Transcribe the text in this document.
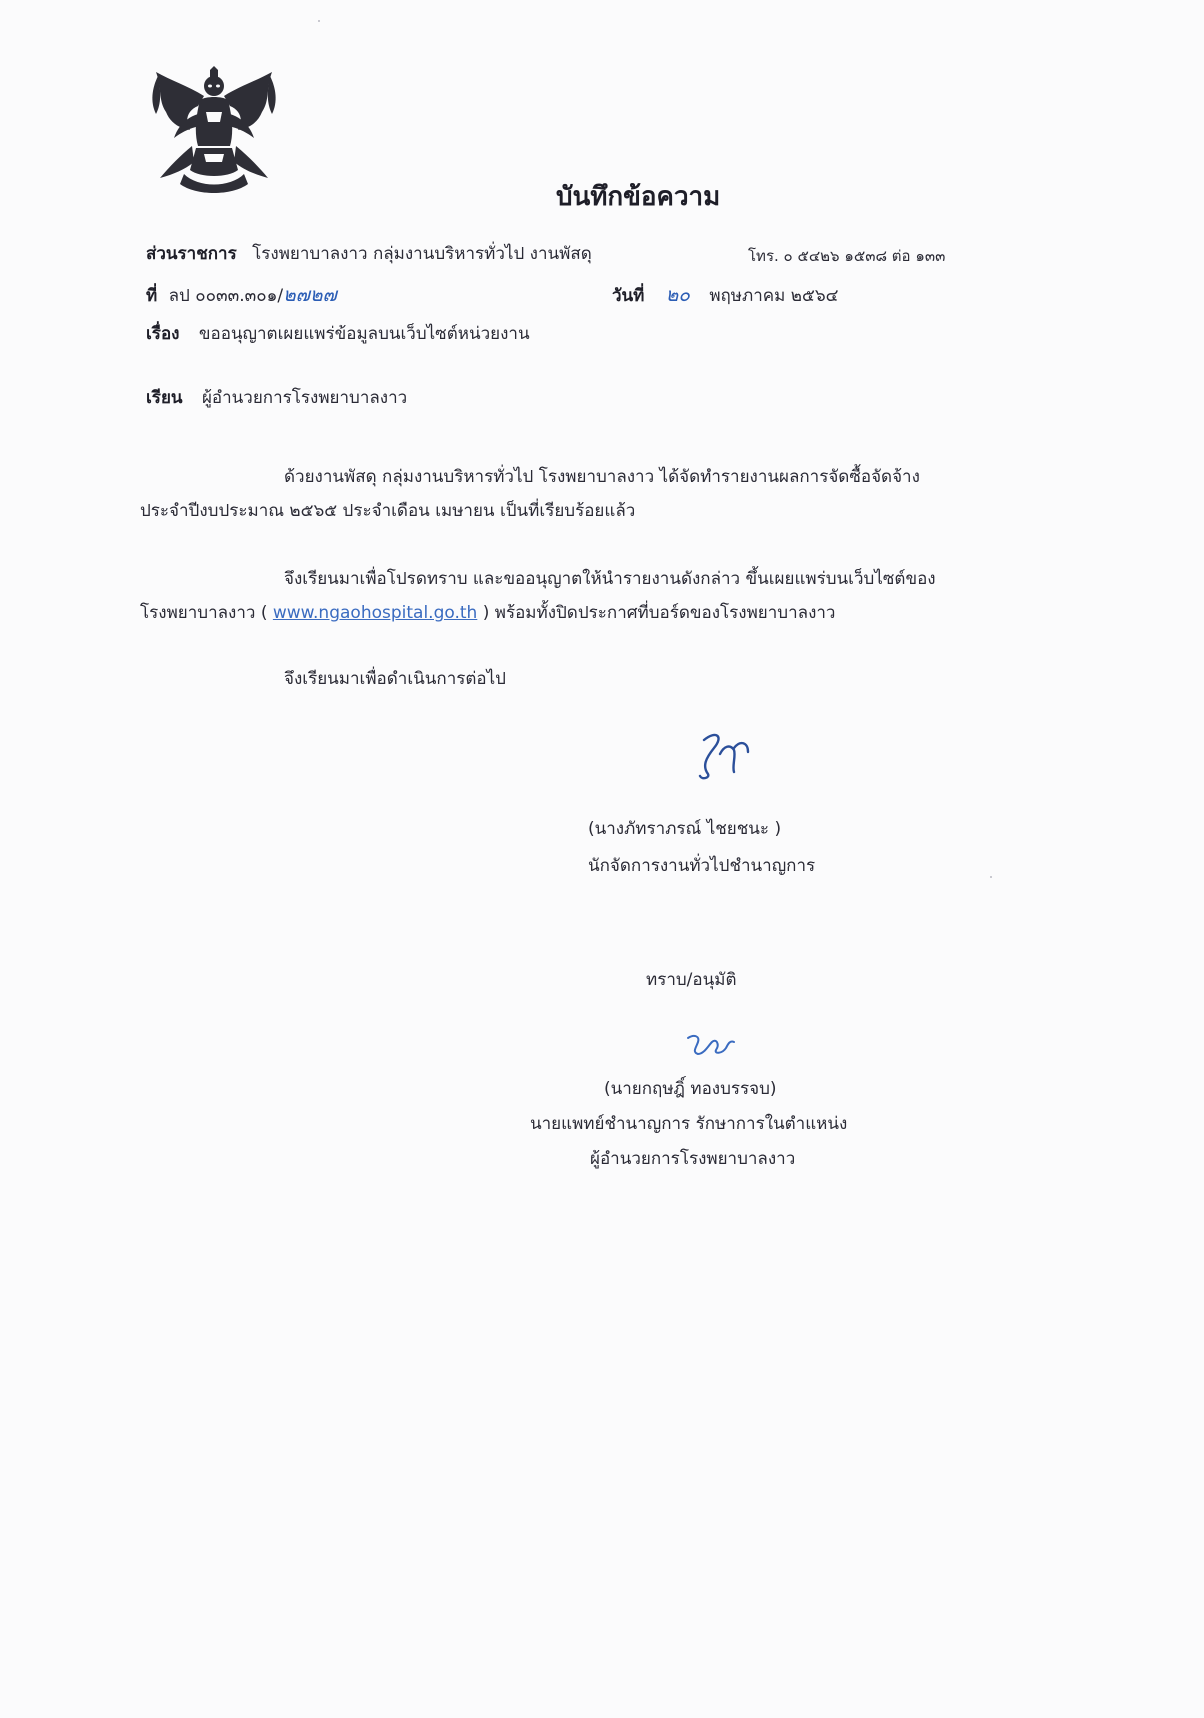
บันทึกข้อความ
ส่วนราชการ โรงพยาบาลงาว กลุ่มงานบริหารทั่วไป งานพัสดุ	โทร. ๐ ๕๔๒๖ ๑๕๓๘ ต่อ ๑๓๓
ที่ ลป ๐๐๓๓.๓๐๑/๒๗๒๗	วันที่ ๒๐ พฤษภาคม ๒๕๖๔
เรื่อง ขออนุญาตเผยแพร่ข้อมูลบนเว็บไซต์หน่วยงาน
เรียน ผู้อำนวยการโรงพยาบาลงาว
ด้วยงานพัสดุ กลุ่มงานบริหารทั่วไป โรงพยาบาลงาว ได้จัดทำรายงานผลการจัดซื้อจัดจ้าง
ประจำปีงบประมาณ ๒๕๖๕ ประจำเดือน เมษายน เป็นที่เรียบร้อยแล้ว
จึงเรียนมาเพื่อโปรดทราบ และขออนุญาตให้นำรายงานดังกล่าว ขึ้นเผยแพร่บนเว็บไซต์ของ
โรงพยาบาลงาว ( www.ngaohospital.go.th ) พร้อมทั้งปิดประกาศที่บอร์ดของโรงพยาบาลงาว
จึงเรียนมาเพื่อดำเนินการต่อไป
(นางภัทราภรณ์ ไชยชนะ )
นักจัดการงานทั่วไปชำนาญการ
ทราบ/อนุมัติ
(นายกฤษฎิ์ ทองบรรจบ)
นายแพทย์ชำนาญการ รักษาการในตำแหน่ง
ผู้อำนวยการโรงพยาบาลงาว
